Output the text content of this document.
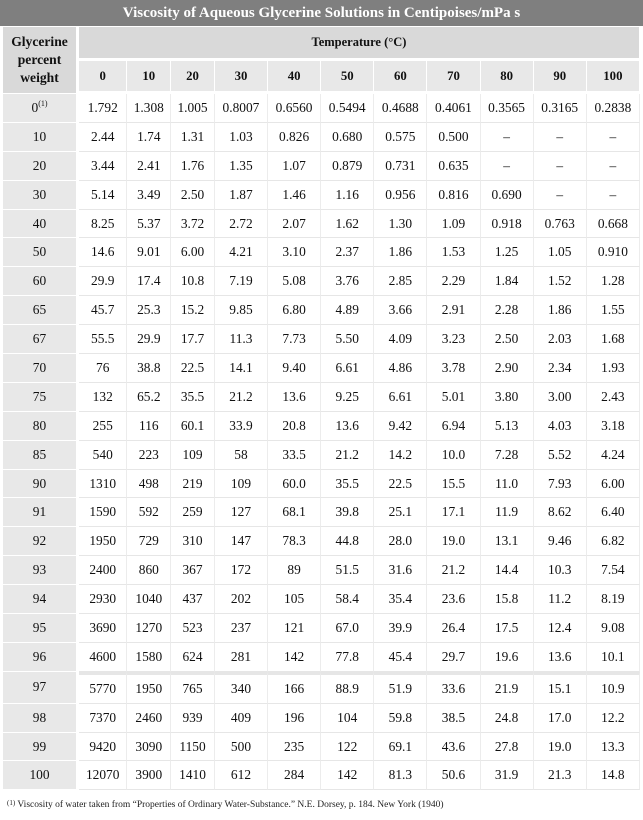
Viscosity of Aqueous Glycerine Solutions in Centipoises/mPa s
Glycerine percent weight	Temperature (°C)										
	0	10	20	30	40	50	60	70	80	90	100
0$^{(1)}$	1.792	1.308	1.005	0.8007	0.6560	0.5494	0.4688	0.4061	0.3565	0.3165	0.2838
10	2.44	1.74	1.31	1.03	0.826	0.680	0.575	0.500	–	–	–
20	3.44	2.41	1.76	1.35	1.07	0.879	0.731	0.635	–	–	–
30	5.14	3.49	2.50	1.87	1.46	1.16	0.956	0.816	0.690	–	–
40	8.25	5.37	3.72	2.72	2.07	1.62	1.30	1.09	0.918	0.763	0.668
50	14.6	9.01	6.00	4.21	3.10	2.37	1.86	1.53	1.25	1.05	0.910
60	29.9	17.4	10.8	7.19	5.08	3.76	2.85	2.29	1.84	1.52	1.28
65	45.7	25.3	15.2	9.85	6.80	4.89	3.66	2.91	2.28	1.86	1.55
67	55.5	29.9	17.7	11.3	7.73	5.50	4.09	3.23	2.50	2.03	1.68
70	76	38.8	22.5	14.1	9.40	6.61	4.86	3.78	2.90	2.34	1.93
75	132	65.2	35.5	21.2	13.6	9.25	6.61	5.01	3.80	3.00	2.43
80	255	116	60.1	33.9	20.8	13.6	9.42	6.94	5.13	4.03	3.18
85	540	223	109	58	33.5	21.2	14.2	10.0	7.28	5.52	4.24
90	1310	498	219	109	60.0	35.5	22.5	15.5	11.0	7.93	6.00
91	1590	592	259	127	68.1	39.8	25.1	17.1	11.9	8.62	6.40
92	1950	729	310	147	78.3	44.8	28.0	19.0	13.1	9.46	6.82
93	2400	860	367	172	89	51.5	31.6	21.2	14.4	10.3	7.54
94	2930	1040	437	202	105	58.4	35.4	23.6	15.8	11.2	8.19
95	3690	1270	523	237	121	67.0	39.9	26.4	17.5	12.4	9.08
96	4600	1580	624	281	142	77.8	45.4	29.7	19.6	13.6	10.1
97	5770	1950	765	340	166	88.9	51.9	33.6	21.9	15.1	10.9
98	7370	2460	939	409	196	104	59.8	38.5	24.8	17.0	12.2
99	9420	3090	1150	500	235	122	69.1	43.6	27.8	19.0	13.3
100	12070	3900	1410	612	284	142	81.3	50.6	31.9	21.3	14.8
$^{(1)}$ Viscosity of water taken from “Properties of Ordinary Water-Substance.” N.E. Dorsey, p. 184. New York (1940)
